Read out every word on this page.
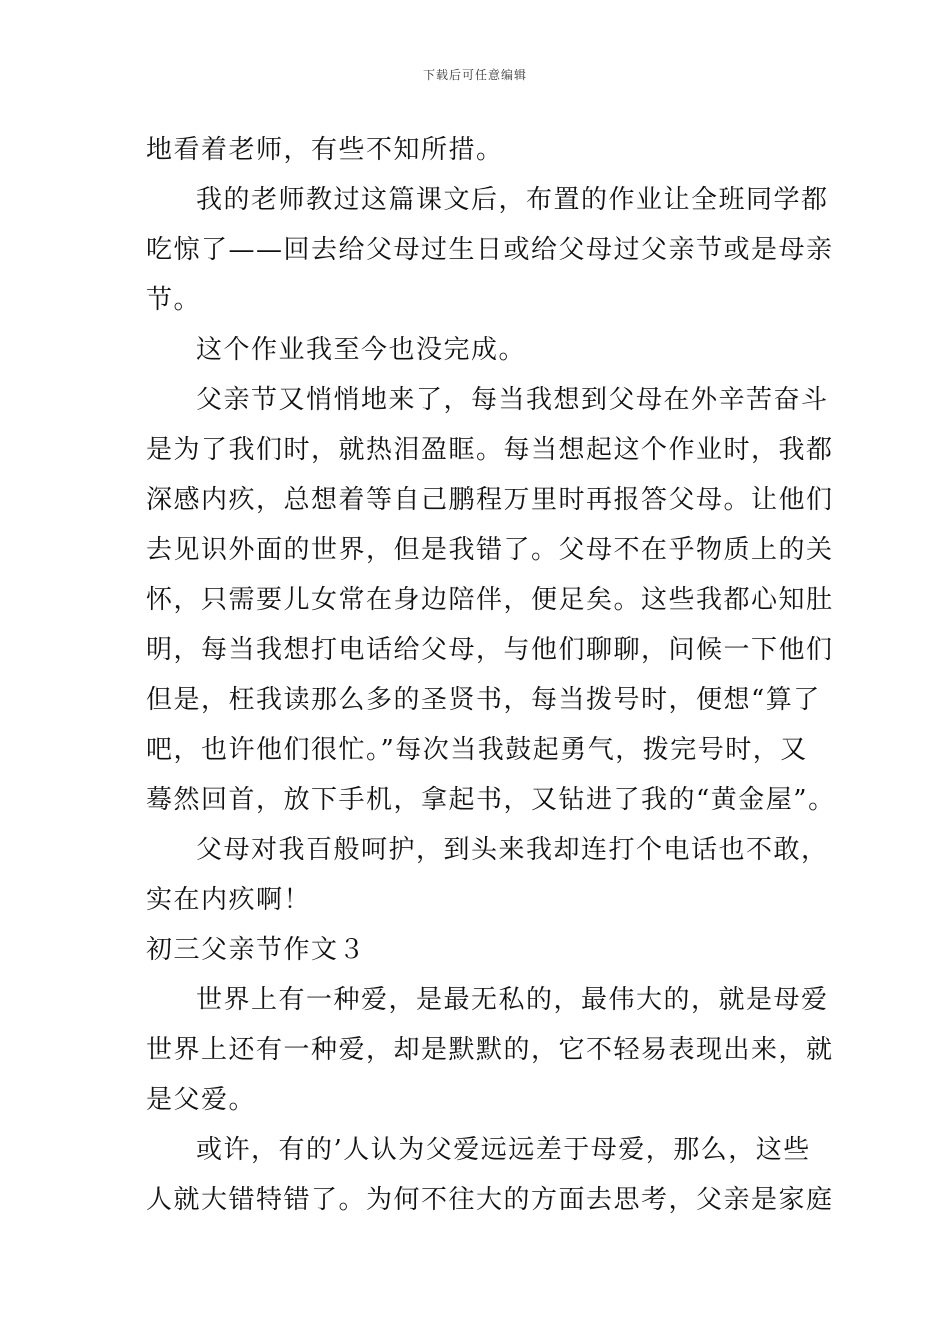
下载后可任意编辑
地看着老师，有些不知所措。
我的老师教过这篇课文后，布置的作业让全班同学都
吃惊了——回去给父母过生日或给父母过父亲节或是母亲
节。
这个作业我至今也没完成。
父亲节又悄悄地来了，每当我想到父母在外辛苦奋斗
是为了我们时，就热泪盈眶。每当想起这个作业时，我都
深感内疚，总想着等自己鹏程万里时再报答父母。让他们
去见识外面的世界，但是我错了。父母不在乎物质上的关
怀，只需要儿女常在身边陪伴，便足矣。这些我都心知肚
明，每当我想打电话给父母，与他们聊聊，问候一下他们
但是，枉我读那么多的圣贤书，每当拨号时，便想“算了
吧，也许他们很忙。”每次当我鼓起勇气，拨完号时，又
蓦然回首，放下手机，拿起书，又钻进了我的“黄金屋”。
父母对我百般呵护，到头来我却连打个电话也不敢，
实在内疚啊！
初三父亲节作文３
世界上有一种爱，是最无私的，最伟大的，就是母爱
世界上还有一种爱，却是默默的，它不轻易表现出来，就
是父爱。
或许，有的’人认为父爱远远差于母爱，那么，这些
人就大错特错了。为何不往大的方面去思考，父亲是家庭
